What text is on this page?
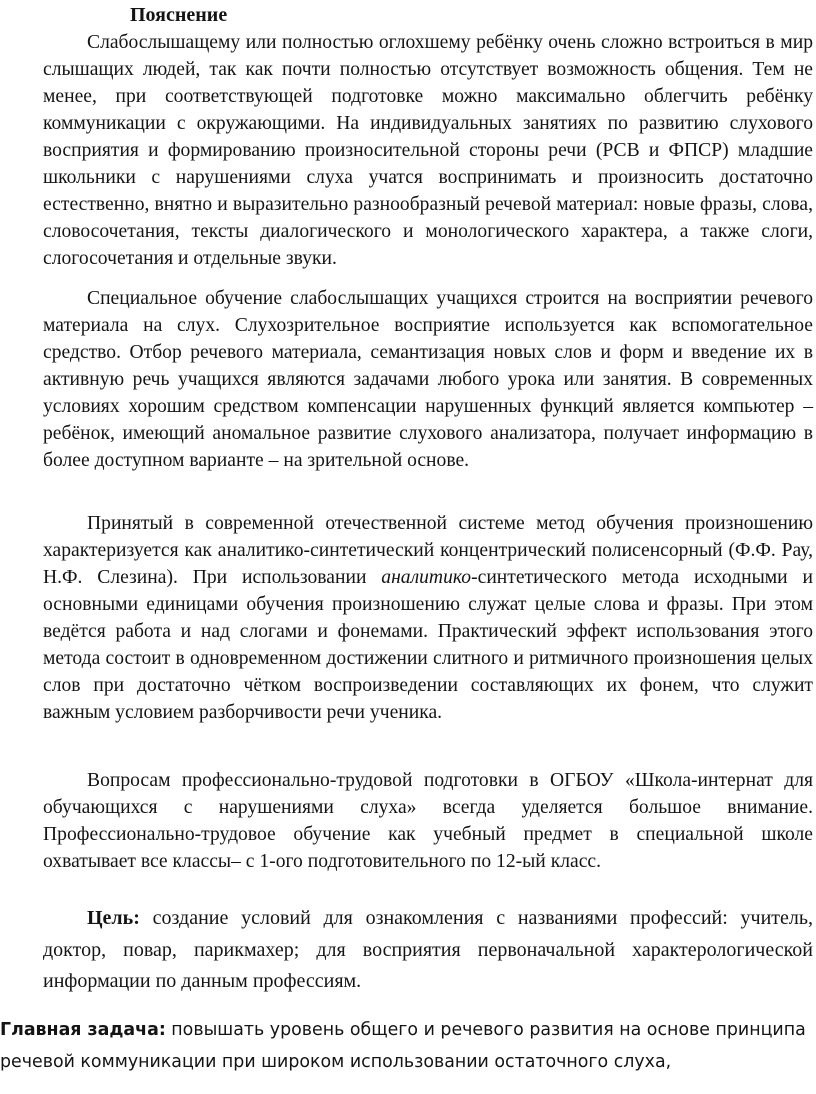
Пояснение

Слабослышащему или полностью оглохшему ребёнку очень сложно встроиться в мир слышащих людей, так как почти полностью отсутствует возможность общения. Тем не менее, при соответствующей подготовке можно максимально облегчить ребёнку коммуникации с окружающими. На индивидуальных занятиях по развитию слухового восприятия и формированию произносительной стороны речи (РСВ и ФПСР) младшие школьники с нарушениями слуха учатся воспринимать и произносить достаточно естественно, внятно и выразительно разнообразный речевой материал: новые фразы, слова, словосочетания, тексты диалогического и монологического характера, а также слоги, слогосочетания и отдельные звуки.

Специальное обучение слабослышащих учащихся строится на восприятии речевого материала на слух. Слухозрительное восприятие используется как вспомогательное средство. Отбор речевого материала, семантизация новых слов и форм и введение их в активную речь учащихся являются задачами любого урока или занятия. В современных условиях хорошим средством компенсации нарушенных функций является компьютер – ребёнок, имеющий аномальное развитие слухового анализатора, получает информацию в более доступном варианте – на зрительной основе.

Принятый в современной отечественной системе метод обучения произношению характеризуется как аналитико-синтетический концентрический полисенсорный (Ф.Ф. Рау, Н.Ф. Слезина). При использовании аналитико-синтетического метода исходными и основными единицами обучения произношению служат целые слова и фразы. При этом ведётся работа и над слогами и фонемами. Практический эффект использования этого метода состоит в одновременном достижении слитного и ритмичного произношения целых слов при достаточно чётком воспроизведении составляющих их фонем, что служит важным условием разборчивости речи ученика.

Вопросам профессионально-трудовой подготовки в ОГБОУ «Школа-интернат для обучающихся с нарушениями слуха» всегда уделяется большое внимание. Профессионально-трудовое обучение как учебный предмет в специальной школе охватывает все классы– с 1-ого подготовительного по 12-ый класс.

Цель: создание условий для ознакомления с названиями профессий: учитель, доктор, повар, парикмахер; для восприятия первоначальной характерологической информации по данным профессиям.

Главная задача: повышать уровень общего и речевого развития на основе принципа речевой коммуникации при широком использовании остаточного слуха,
